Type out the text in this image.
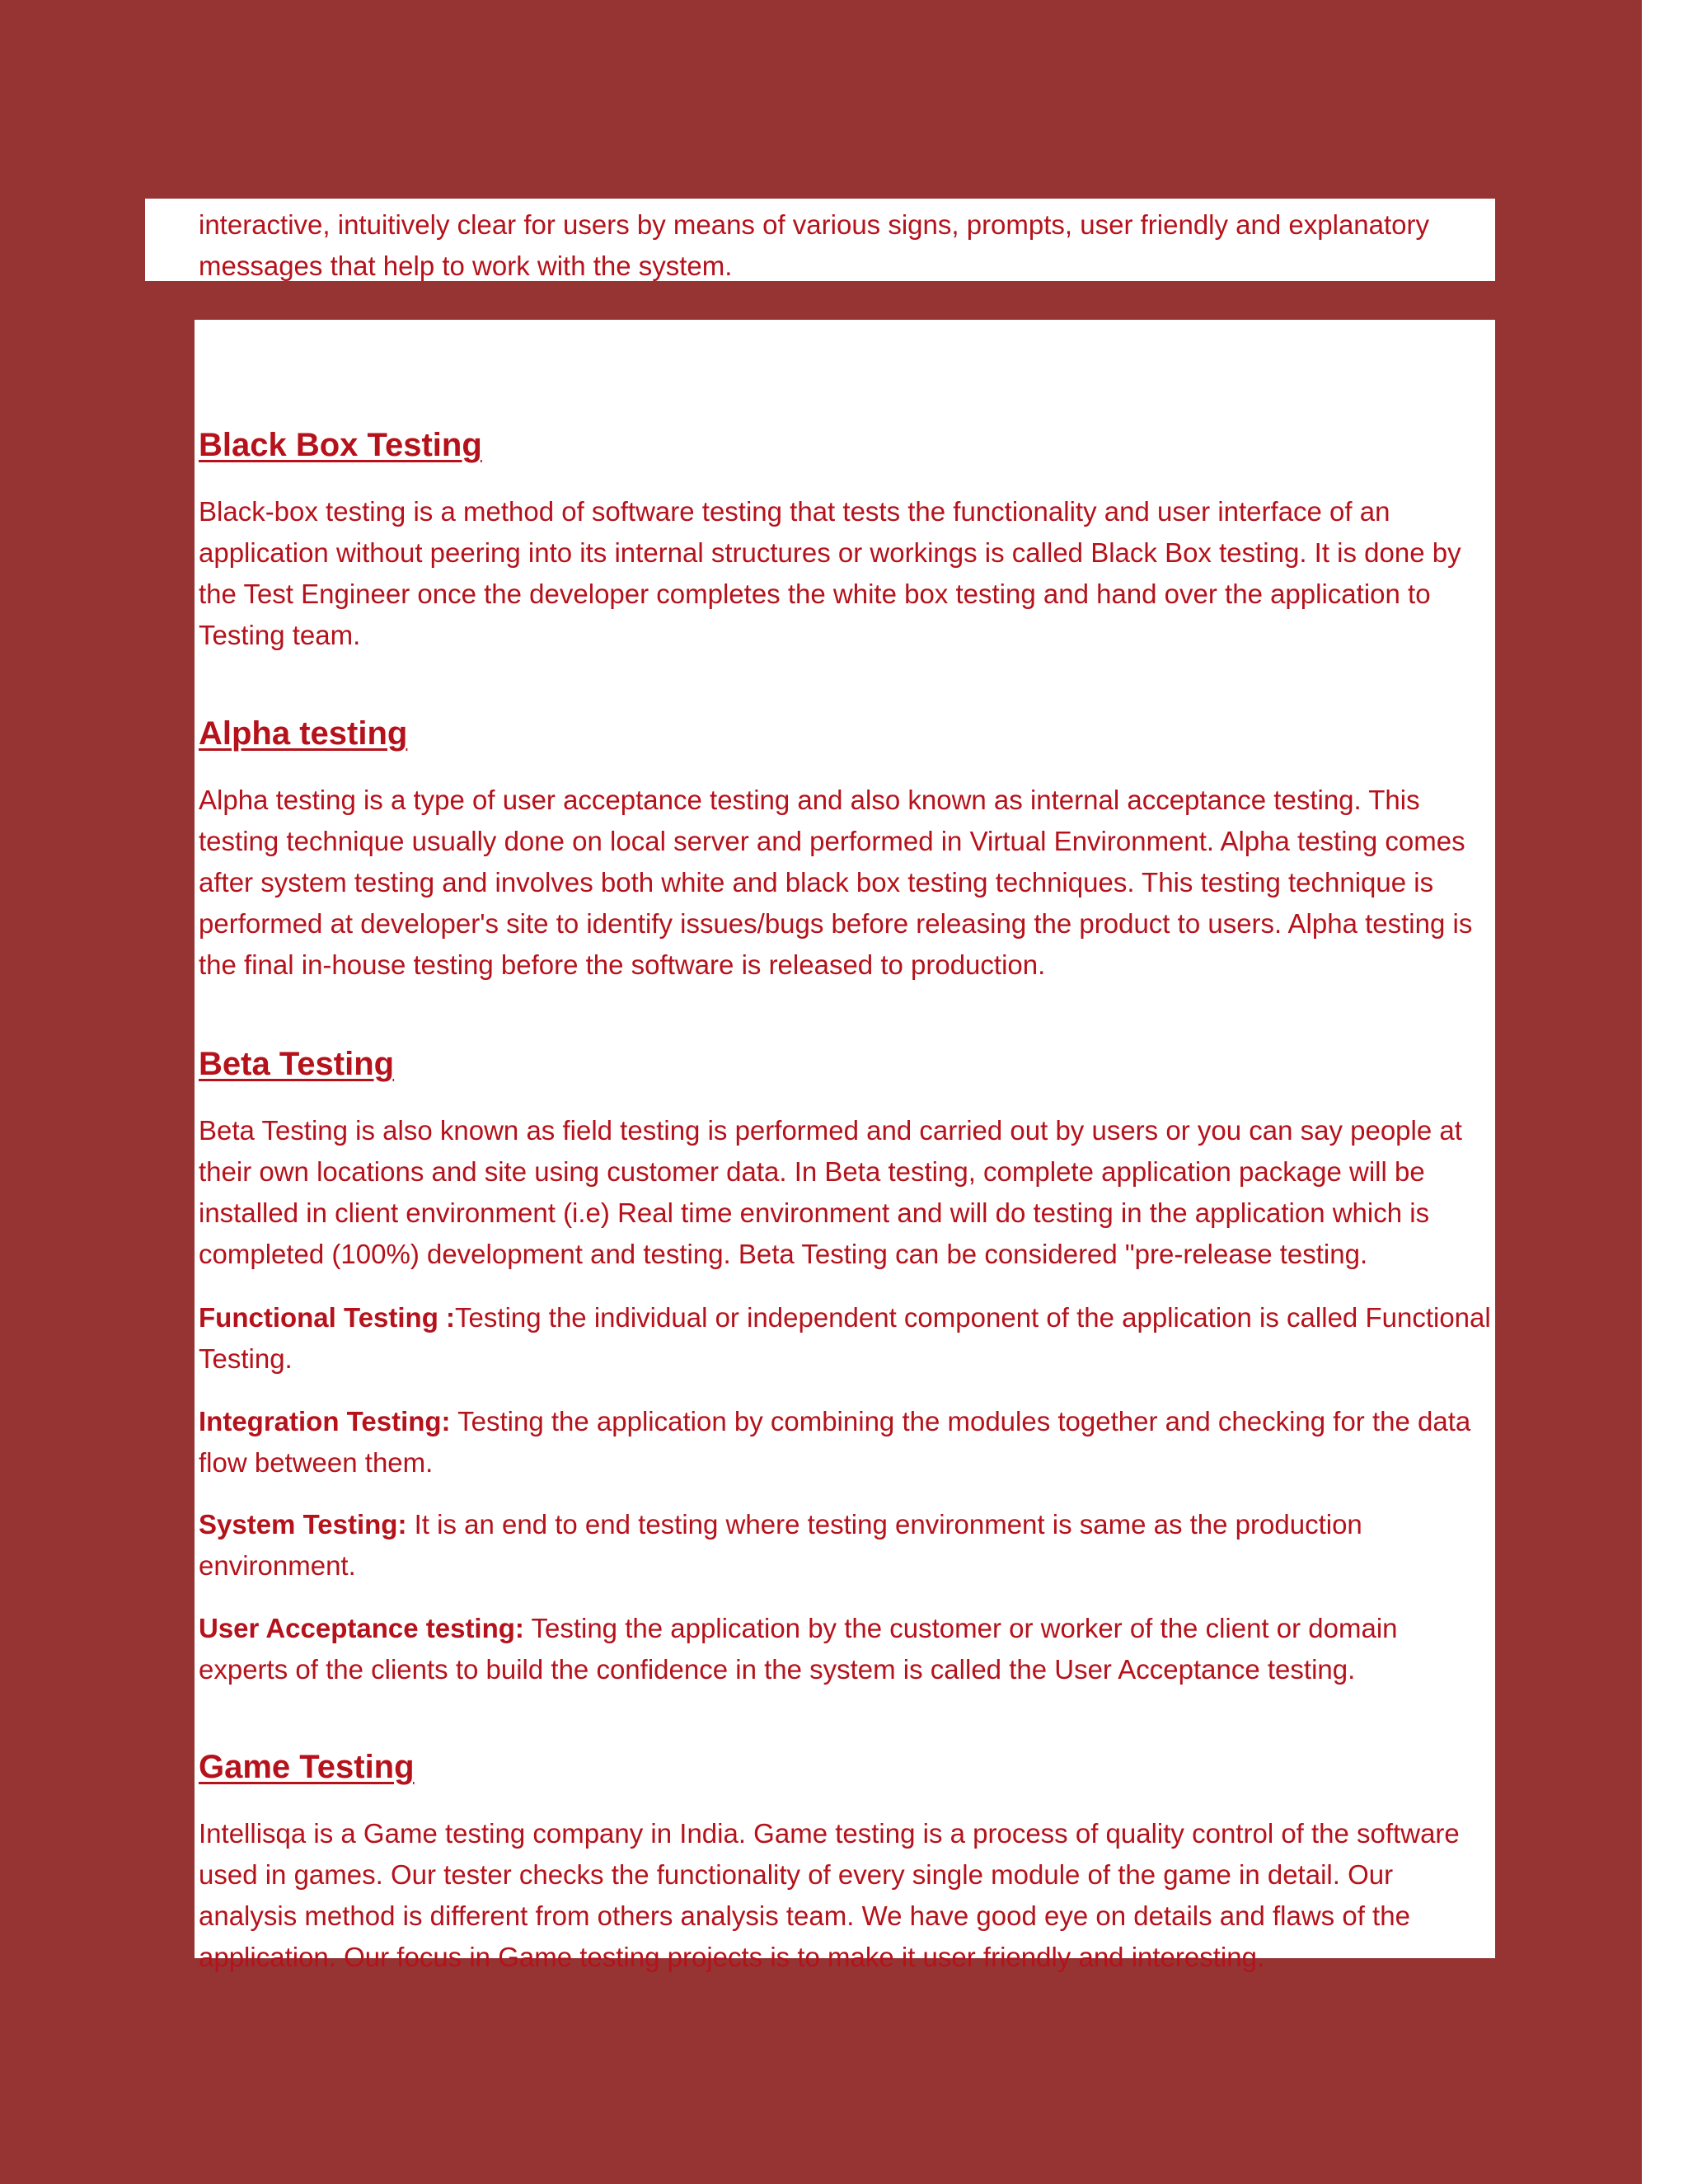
interactive, intuitively clear for users by means of various signs, prompts, user friendly and explanatory messages that help to work with the system.

Black Box Testing

Black-box testing is a method of software testing that tests the functionality and user interface of an application without peering into its internal structures or workings is called Black Box testing. It is done by the Test Engineer once the developer completes the white box testing and hand over the application to Testing team.

Alpha testing

Alpha testing is a type of user acceptance testing and also known as internal acceptance testing. This testing technique usually done on local server and performed in Virtual Environment. Alpha testing comes after system testing and involves both white and black box testing techniques. This testing technique is performed at developer's site to identify issues/bugs before releasing the product to users. Alpha testing is the final in-house testing before the software is released to production.

Beta Testing

Beta Testing is also known as field testing is performed and carried out by users or you can say people at their own locations and site using customer data. In Beta testing, complete application package will be installed in client environment (i.e) Real time environment and will do testing in the application which is completed (100%) development and testing. Beta Testing can be considered "pre-release testing.

Functional Testing :Testing the individual or independent component of the application is called Functional Testing.

Integration Testing: Testing the application by combining the modules together and checking for the data flow between them.

System Testing: It is an end to end testing where testing environment is same as the production environment.

User Acceptance testing: Testing the application by the customer or worker of the client or domain experts of the clients to build the confidence in the system is called the User Acceptance testing.

Game Testing

Intellisqa is a Game testing company in India. Game testing is a process of quality control of the software used in games. Our tester checks the functionality of every single module of the game in detail. Our analysis method is different from others analysis team. We have good eye on details and flaws of the application. Our focus in Game testing projects is to make it user friendly and interesting.
